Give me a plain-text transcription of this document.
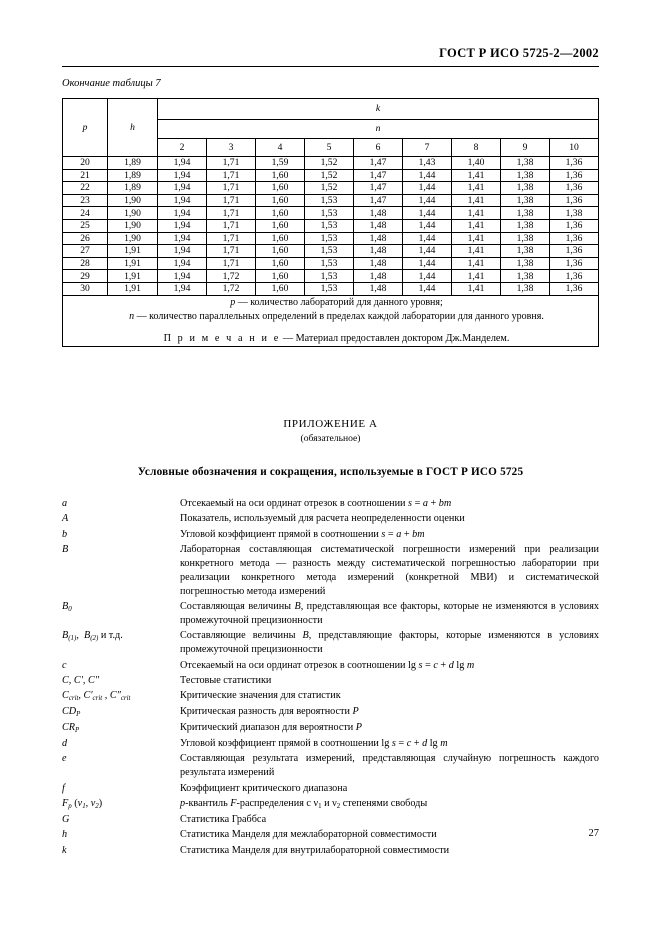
ГОСТ Р ИСО 5725-2—2002
Окончание таблицы 7
p	h	k								
		n								
		2	3	4	5	6	7	8	9	10
20	1,89	1,94	1,71	1,59	1,52	1,47	1,43	1,40	1,38	1,36
21	1,89	1,94	1,71	1,60	1,52	1,47	1,44	1,41	1,38	1,36
22	1,89	1,94	1,71	1,60	1,52	1,47	1,44	1,41	1,38	1,36
23	1,90	1,94	1,71	1,60	1,53	1,47	1,44	1,41	1,38	1,36
24	1,90	1,94	1,71	1,60	1,53	1,48	1,44	1,41	1,38	1,38
25	1,90	1,94	1,71	1,60	1,53	1,48	1,44	1,41	1,38	1,36
26	1,90	1,94	1,71	1,60	1,53	1,48	1,44	1,41	1,38	1,36
27	1,91	1,94	1,71	1,60	1,53	1,48	1,44	1,41	1,38	1,36
28	1,91	1,94	1,71	1,60	1,53	1,48	1,44	1,41	1,38	1,36
29	1,91	1,94	1,72	1,60	1,53	1,48	1,44	1,41	1,38	1,36
30	1,91	1,94	1,72	1,60	1,53	1,48	1,44	1,41	1,38	1,36

p — количество лабораторий для данного уровня;
n — количество параллельных определений в пределах каждой лаборатории для данного уровня.
П р и м е ч а н и е — Материал предоставлен доктором Дж.Манделем.										
ПРИЛОЖЕНИЕ А
(обязательное)
Условные обозначения и сокращения, используемые в ГОСТ Р ИСО 5725
a	Отсекаемый на оси ординат отрезок в соотношении s = a + bm
A	Показатель, используемый для расчета неопределенности оценки
b	Угловой коэффициент прямой в соотношении s = a + bm
B	Лабораторная составляющая систематической погрешности измерений при реализации конкретного метода — разность между систематической погрешностью лаборатории при реализации конкретного метода измерений (конкретной МВИ) и систематической погрешностью метода измерений
$B_0$	Составляющая величины B, представляющая все факторы, которые не изменяются в условиях промежуточной прецизионности
$B_{(1)}$,  $B_{(2)}$ и т.д.	Составляющие величины B, представляющие факторы, которые изменяются в условиях промежуточной прецизионности
c	Отсекаемый на оси ординат отрезок в соотношении lg s = c + d lg m
C, C′, C″	Тестовые статистики
$C_{crit}$, $C'_{crit}$ , $C''_{crit}$	Критические значения для статистик
$CD_P$	Критическая разность для вероятности P
$CR_P$	Критический диапазон для вероятности P
d	Угловой коэффициент прямой в соотношении lg s = c + d lg m
e	Составляющая результата измерений, представляющая случайную погрешность каждого результата измерений
f	Коэффициент критического диапазона
$F_p$ ($\nu_1$, $\nu_2$)	p-квантиль F-распределения с $\nu_1$ и $\nu_2$ степенями свободы
G	Статистика Граббса
h	Статистика Манделя для межлабораторной совместимости
k	Статистика Манделя для внутрилабораторной совместимости
27
